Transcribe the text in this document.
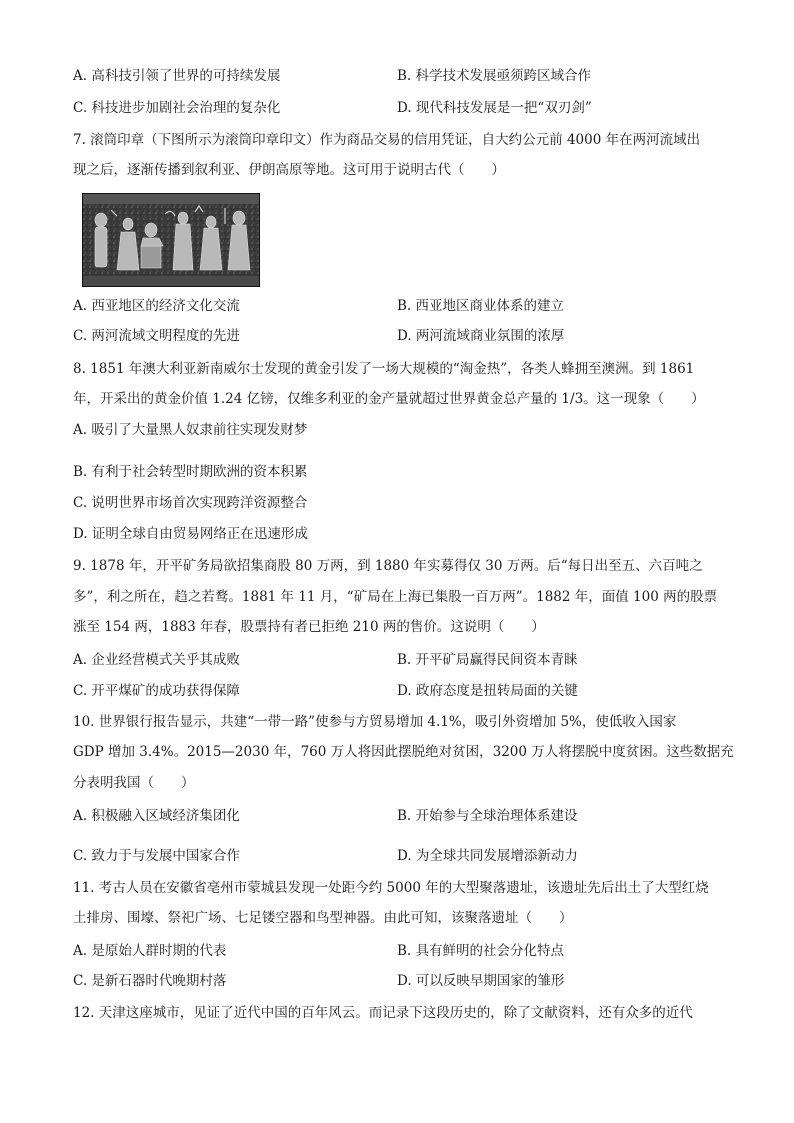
A. 高科技引领了世界的可持续发展	B. 科学技术发展亟须跨区域合作
C. 科技进步加剧社会治理的复杂化	D. 现代科技发展是一把“双刃剑”
7. 滚筒印章（下图所示为滚筒印章印文）作为商品交易的信用凭证，自大约公元前 4000 年在两河流域出
现之后，逐渐传播到叙利亚、伊朗高原等地。这可用于说明古代（　　）
A. 西亚地区的经济文化交流	B. 西亚地区商业体系的建立
C. 两河流域文明程度的先进	D. 两河流域商业氛围的浓厚
8. 1851 年澳大利亚新南威尔士发现的黄金引发了一场大规模的“淘金热”，各类人蜂拥至澳洲。到 1861
年，开采出的黄金价值 1.24 亿镑，仅维多利亚的金产量就超过世界黄金总产量的 1/3。这一现象（　　）
A. 吸引了大量黑人奴隶前往实现发财梦
B. 有利于社会转型时期欧洲的资本积累
C. 说明世界市场首次实现跨洋资源整合
D. 证明全球自由贸易网络正在迅速形成
9. 1878 年，开平矿务局欲招集商股 80 万两，到 1880 年实募得仅 30 万两。后“每日出至五、六百吨之
多”，利之所在，趋之若鹜。1881 年 11 月，“矿局在上海已集股一百万两”。1882 年，面值 100 两的股票
涨至 154 两，1883 年春，股票持有者已拒绝 210 两的售价。这说明（　　）
A. 企业经营模式关乎其成败	B. 开平矿局赢得民间资本青睐
C. 开平煤矿的成功获得保障	D. 政府态度是扭转局面的关键
10. 世界银行报告显示，共建“一带一路”使参与方贸易增加 4.1%，吸引外资增加 5%，使低收入国家
GDP 增加 3.4%。2015—2030 年，760 万人将因此摆脱绝对贫困，3200 万人将摆脱中度贫困。这些数据充
分表明我国（　　）
A. 积极融入区域经济集团化	B. 开始参与全球治理体系建设
C. 致力于与发展中国家合作	D. 为全球共同发展增添新动力
11. 考古人员在安徽省亳州市蒙城县发现一处距今约 5000 年的大型聚落遗址，该遗址先后出土了大型红烧
土排房、围壕、祭祀广场、七足镂空器和鸟型神器。由此可知，该聚落遗址（　　）
A. 是原始人群时期的代表	B. 具有鲜明的社会分化特点
C. 是新石器时代晚期村落	D. 可以反映早期国家的雏形
12. 天津这座城市，见证了近代中国的百年风云。而记录下这段历史的，除了文献资料，还有众多的近代
